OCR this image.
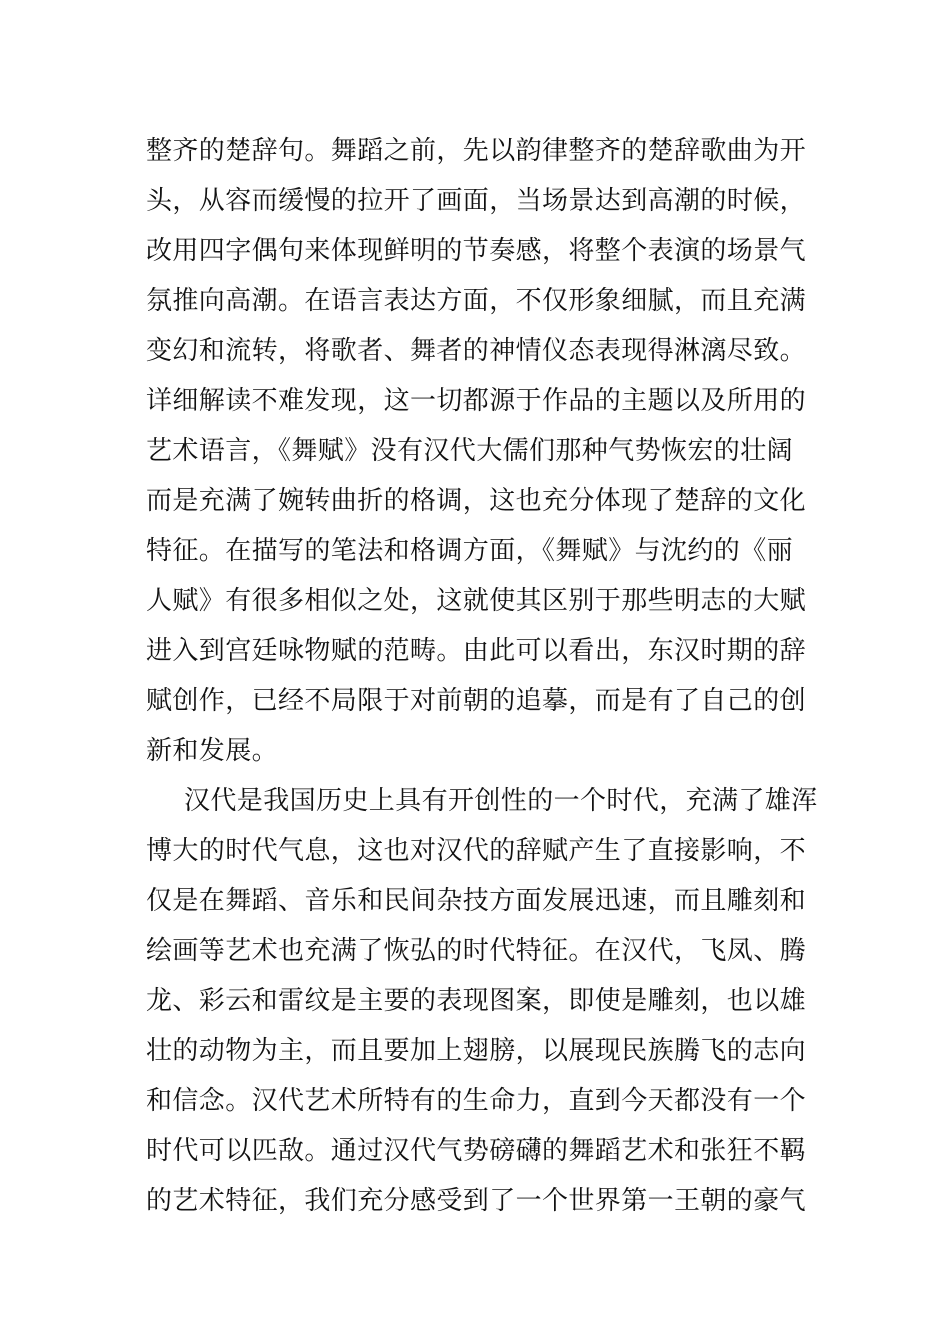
整齐的楚辞句。舞蹈之前，先以韵律整齐的楚辞歌曲为开
头，从容而缓慢的拉开了画面，当场景达到高潮的时候，
改用四字偶句来体现鲜明的节奏感，将整个表演的场景气
氛推向高潮。在语言表达方面，不仅形象细腻，而且充满
变幻和流转，将歌者、舞者的神情仪态表现得淋漓尽致。
详细解读不难发现，这一切都源于作品的主题以及所用的
艺术语言，《舞赋》没有汉代大儒们那种气势恢宏的壮阔
而是充满了婉转曲折的格调，这也充分体现了楚辞的文化
特征。在描写的笔法和格调方面，《舞赋》与沈约的《丽
人赋》有很多相似之处，这就使其区别于那些明志的大赋
进入到宫廷咏物赋的范畴。由此可以看出，东汉时期的辞
赋创作，已经不局限于对前朝的追摹，而是有了自己的创
新和发展。
汉代是我国历史上具有开创性的一个时代，充满了雄浑
博大的时代气息，这也对汉代的辞赋产生了直接影响，不
仅是在舞蹈、音乐和民间杂技方面发展迅速，而且雕刻和
绘画等艺术也充满了恢弘的时代特征。在汉代，飞凤、腾
龙、彩云和雷纹是主要的表现图案，即使是雕刻，也以雄
壮的动物为主，而且要加上翅膀，以展现民族腾飞的志向
和信念。汉代艺术所特有的生命力，直到今天都没有一个
时代可以匹敌。通过汉代气势磅礴的舞蹈艺术和张狂不羁
的艺术特征，我们充分感受到了一个世界第一王朝的豪气
